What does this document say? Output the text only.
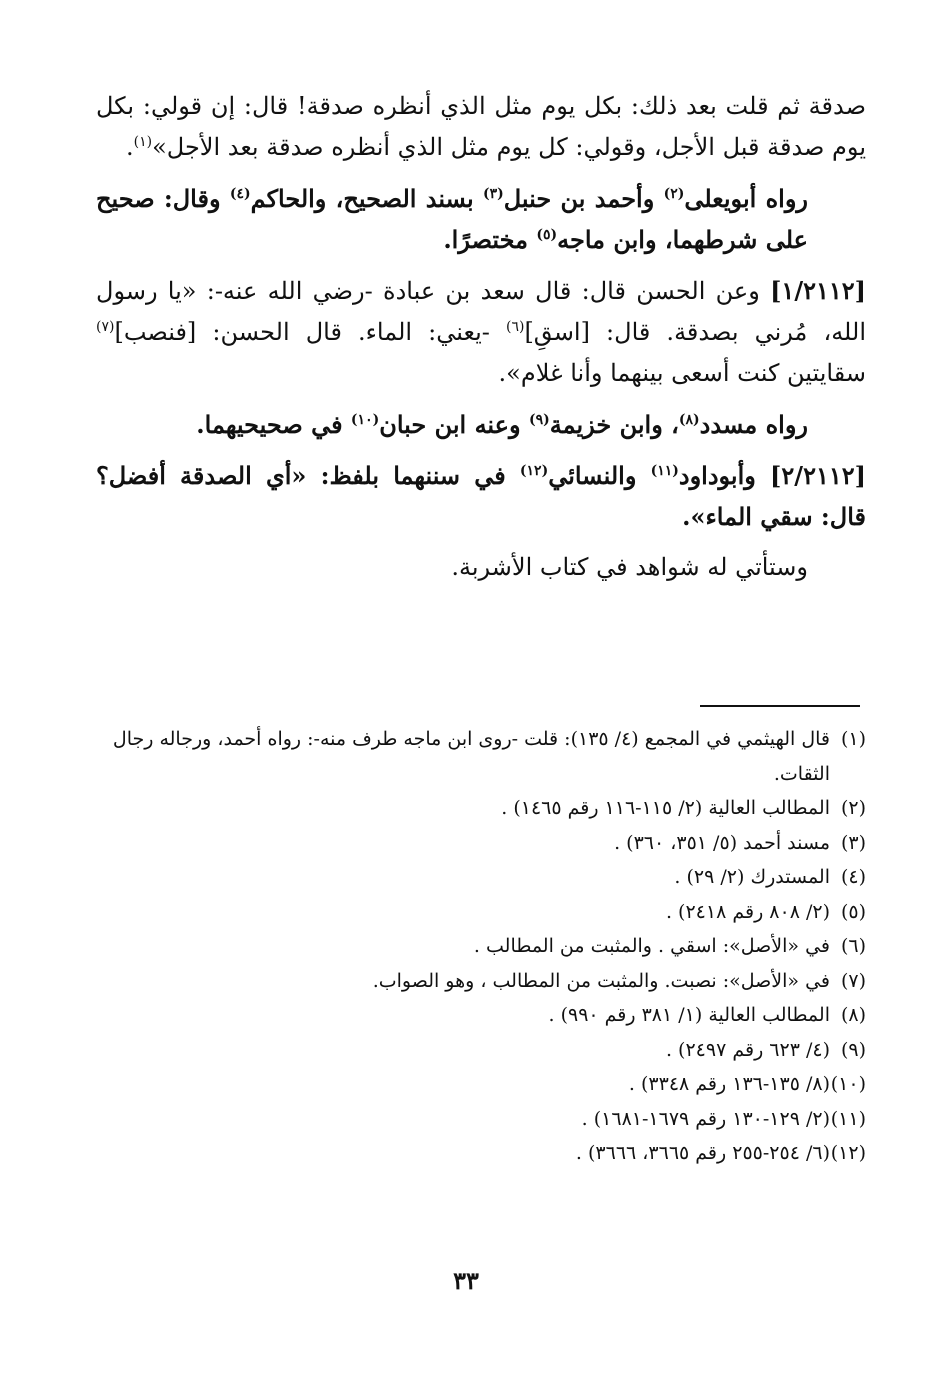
صدقة ثم قلت بعد ذلك: بكل يوم مثل الذي أنظره صدقة! قال: إن قولي: بكل يوم صدقة قبل الأجل، وقولي: كل يوم مثل الذي أنظره صدقة بعد الأجل»$^{(١)}$.

رواه أبويعلى$^{(٢)}$ وأحمد بن حنبل$^{(٣)}$ بسند الصحيح، والحاكم$^{(٤)}$ وقال: صحيح على شرطهما، وابن ماجه$^{(٥)}$ مختصرًا.

[١/٢١١٢] وعن الحسن قال: قال سعد بن عبادة -رضي الله عنه-: «يا رسول الله، مُرني بصدقة. قال: [اسقِ]$^{(٦)}$ -يعني: الماء. قال الحسن: [فنصب]$^{(٧)}$ سقايتين كنت أسعى بينهما وأنا غلام».

رواه مسدد$^{(٨)}$، وابن خزيمة$^{(٩)}$ وعنه ابن حبان$^{(١٠)}$ في صحيحيهما.

[٢/٢١١٢] وأبوداود$^{(١١)}$ والنسائي$^{(١٢)}$ في سننهما بلفظ: «أي الصدقة أفضل؟ قال: سقي الماء».

وستأتي له شواهد في كتاب الأشربة.

(١)
قال الهيثمي في المجمع (٤/ ١٣٥): قلت -روى ابن ماجه طرف منه-: رواه أحمد، ورجاله رجال الثقات.

(٢)
المطالب العالية (٢/ ١١٥-١١٦ رقم ١٤٦٥) .

(٣)
مسند أحمد (٥/ ٣٥١، ٣٦٠) .

(٤)
المستدرك (٢/ ٢٩) .

(٥)
(٢/ ٨٠٨ رقم ٢٤١٨) .

(٦)
في «الأصل»: اسقي . والمثبت من المطالب .

(٧)
في «الأصل»: نصبت. والمثبت من المطالب ، وهو الصواب.

(٨)
المطالب العالية (١/ ٣٨١ رقم ٩٩٠) .

(٩)
(٤/ ٦٢٣ رقم ٢٤٩٧) .

(١٠)
(٨/ ١٣٥-١٣٦ رقم ٣٣٤٨) .

(١١)
(٢/ ١٢٩-١٣٠ رقم ١٦٧٩-١٦٨١) .

(١٢)
(٦/ ٢٥٤-٢٥٥ رقم ٣٦٦٥، ٣٦٦٦) .

٣٣
